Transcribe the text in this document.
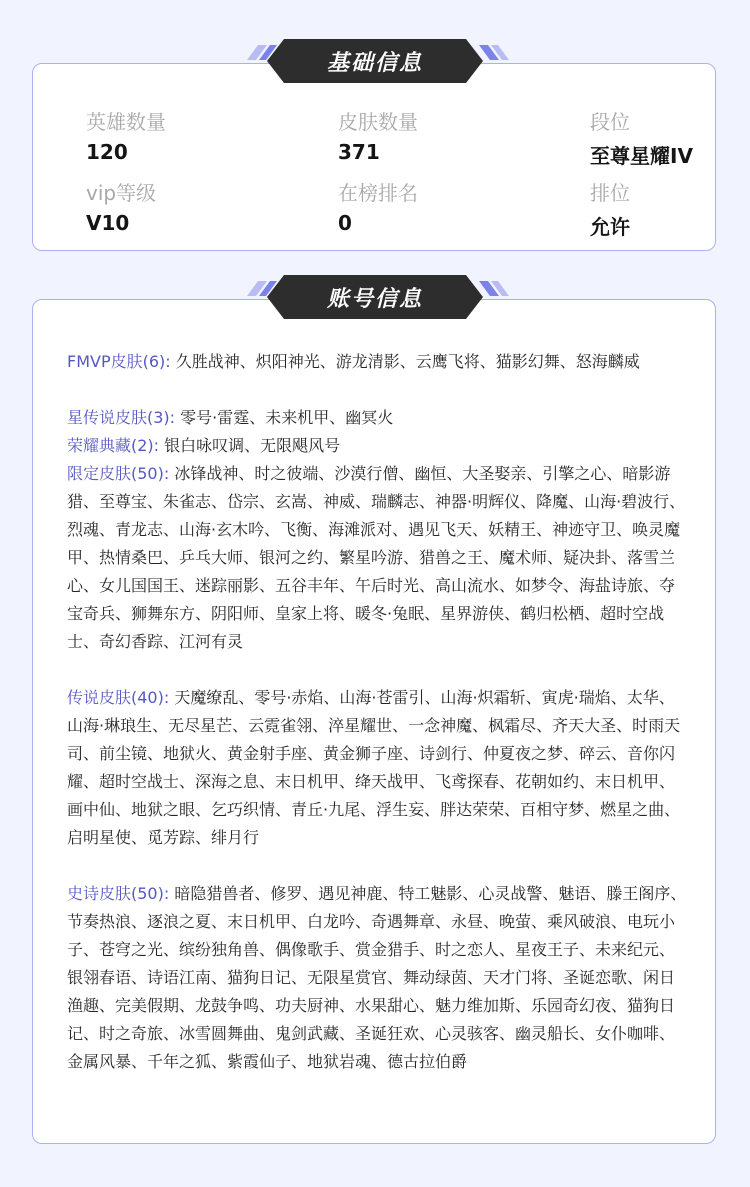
英雄数量
120
皮肤数量
371
段位
至尊星耀IV
vip等级
V10
在榜排名
0
排位
允许
FMVP皮肤(6): 久胜战神、炽阳神光、游龙清影、云鹰飞将、猫影幻舞、怒海麟威
星传说皮肤(3): 零号·雷霆、未来机甲、幽冥火
荣耀典藏(2): 银白咏叹调、无限飓风号
限定皮肤(50): 冰锋战神、时之彼端、沙漠行僧、幽恒、大圣娶亲、引擎之心、暗影游猎、至尊宝、朱雀志、岱宗、玄嵩、神威、瑞麟志、神器·明辉仪、降魔、山海·碧波行、烈魂、青龙志、山海·玄木吟、飞衡、海滩派对、遇见飞天、妖精王、神迹守卫、唤灵魔甲、热情桑巴、乒乓大师、银河之约、繁星吟游、猎兽之王、魔术师、疑决卦、落雪兰心、女儿国国王、迷踪丽影、五谷丰年、午后时光、高山流水、如梦令、海盐诗旅、夺宝奇兵、狮舞东方、阴阳师、皇家上将、暖冬·兔眠、星界游侠、鹤归松栖、超时空战士、奇幻香踪、江河有灵
传说皮肤(40): 天魔缭乱、零号·赤焰、山海·苍雷引、山海·炽霜斩、寅虎·瑞焰、太华、山海·琳琅生、无尽星芒、云霓雀翎、淬星耀世、一念神魔、枫霜尽、齐天大圣、时雨天司、前尘镜、地狱火、黄金射手座、黄金狮子座、诗剑行、仲夏夜之梦、碎云、音你闪耀、超时空战士、深海之息、末日机甲、绛天战甲、飞鸢探春、花朝如约、末日机甲、画中仙、地狱之眼、乞巧织情、青丘·九尾、浮生妄、胖达荣荣、百相守梦、燃星之曲、启明星使、觅芳踪、绯月行
史诗皮肤(50): 暗隐猎兽者、修罗、遇见神鹿、特工魅影、心灵战警、魅语、滕王阁序、节奏热浪、逐浪之夏、末日机甲、白龙吟、奇遇舞章、永昼、晚萤、乘风破浪、电玩小子、苍穹之光、缤纷独角兽、偶像歌手、赏金猎手、时之恋人、星夜王子、未来纪元、银翎春语、诗语江南、猫狗日记、无限星赏官、舞动绿茵、天才门将、圣诞恋歌、闲日渔趣、完美假期、龙鼓争鸣、功夫厨神、水果甜心、魅力维加斯、乐园奇幻夜、猫狗日记、时之奇旅、冰雪圆舞曲、鬼剑武藏、圣诞狂欢、心灵骇客、幽灵船长、女仆咖啡、金属风暴、千年之狐、紫霞仙子、地狱岩魂、德古拉伯爵
基础信息
账号信息
